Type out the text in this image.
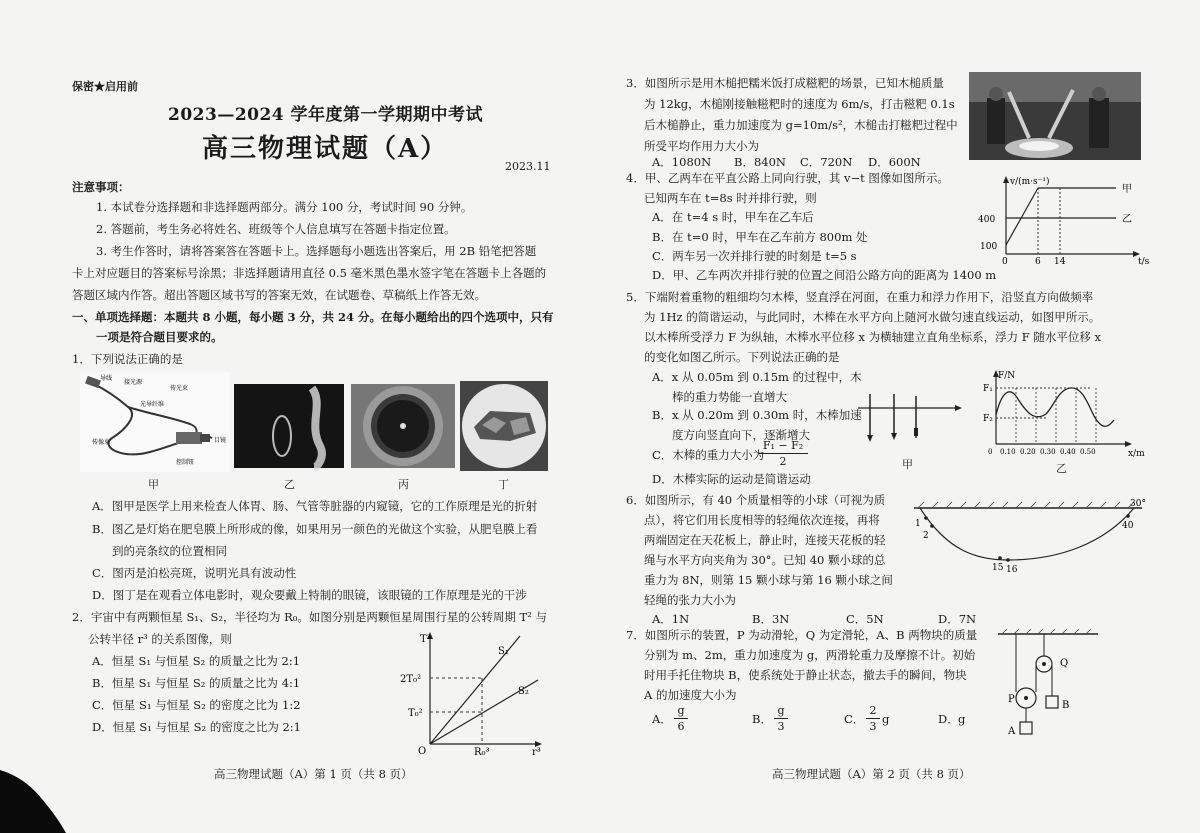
保密★启用前
2023—2024 学年度第一学期期中考试
高三物理试题（A）
2023.11
注意事项：
1. 本试卷分选择题和非选择题两部分。满分 100 分，考试时间 90 分钟。
2. 答题前，考生务必将姓名、班级等个人信息填写在答题卡指定位置。
3. 考生作答时，请将答案答在答题卡上。选择题每小题选出答案后，用 2B 铅笔把答题
卡上对应题目的答案标号涂黑；非选择题请用直径 0.5 毫米黑色墨水签字笔在答题卡上各题的
答题区域内作答。超出答题区域书写的答案无效，在试题卷、草稿纸上作答无效。
一、单项选择题：本题共 8 小题，每小题 3 分，共 24 分。在每小题给出的四个选项中，只有
一项是符合题目要求的。
1．下列说法正确的是
导线
接光源
传光束
光导纤维
传像束	目镜
控制钮
甲	乙	丙	丁
A．图甲是医学上用来检查人体胃、肠、气管等脏器的内窥镜，它的工作原理是光的折射
B．图乙是灯焰在肥皂膜上所形成的像，如果用另一颜色的光做这个实验，从肥皂膜上看
到的亮条纹的位置相同
C．图丙是泊松亮斑，说明光具有波动性
D．图丁是在观看立体电影时，观众要戴上特制的眼镜，该眼镜的工作原理是光的干涉
2．宇宙中有两颗恒星 S₁、S₂，半径均为 R₀。如图分别是两颗恒星周围行星的公转周期 T² 与
公转半径 r³ 的关系图像，则
A．恒星 S₁ 与恒星 S₂ 的质量之比为 2:1
B．恒星 S₁ 与恒星 S₂ 的质量之比为 4:1
C．恒星 S₁ 与恒星 S₂ 的密度之比为 1:2
D．恒星 S₁ 与恒星 S₂ 的密度之比为 2:1
T²
r³
O
2T₀²
T₀²
R₀³
S₁
S₂
高三物理试题（A）第 1 页（共 8 页）
3．如图所示是用木槌把糯米饭打成糍粑的场景，已知木槌质量
为 12kg，木槌刚接触糍粑时的速度为 6m/s，打击糍粑 0.1s
后木槌静止，重力加速度为 g=10m/s²，木槌击打糍粑过程中
所受平均作用力大小为
A．1080N B．840N C．720N D．600N
4．甲、乙两车在平直公路上同向行驶，其 v−t 图像如图所示。
已知两车在 t=8s 时并排行驶，则
A．在 t=4 s 时，甲车在乙车后
B．在 t=0 时，甲车在乙车前方 800m 处
C．两车另一次并排行驶的时刻是 t=5 s
D．甲、乙车两次并排行驶的位置之间沿公路方向的距离为 1400 m
v/(m·s⁻¹)
t/s
400
100
0	6 14
甲
乙
5．下端附着重物的粗细均匀木棒，竖直浮在河面，在重力和浮力作用下，沿竖直方向做频率
为 1Hz 的简谐运动，与此同时，木棒在水平方向上随河水做匀速直线运动，如图甲所示。
以木棒所受浮力 F 为纵轴，木棒水平位移 x 为横轴建立直角坐标系，浮力 F 随水平位移 x
的变化如图乙所示。下列说法正确的是
A．x 从 0.05m 到 0.15m 的过程中，木
棒的重力势能一直增大
B．x 从 0.20m 到 0.30m 时，木棒加速
度方向竖直向下，逐渐增大
C．木棒的重力大小为
F₁ − F₂
2
D．木棒实际的运动是简谐运动
甲
F/N
x/m
F₁
F₂
0 0.10 0.20 0.30 0.40 0.50
乙
6．如图所示，有 40 个质量相等的小球（可视为质
点），将它们用长度相等的轻绳依次连接，再将
两端固定在天花板上，静止时，连接天花板的轻
绳与水平方向夹角为 30°。已知 40 颗小球的总
重力为 8N，则第 15 颗小球与第 16 颗小球之间
轻绳的张力大小为
A．1N	B．3N	C．5N	D．7N
1
2
15 16
40
30°
7．如图所示的装置，P 为动滑轮，Q 为定滑轮，A、B 两物块的质量
分别为 m、2m，重力加速度为 g，两滑轮重力及摩擦不计。初始
时用手托住物块 B，使系统处于静止状态，撤去手的瞬间，物块
A 的加速度大小为
A．
g
6
B．
g
3
C．
2
3
g	D． g
Q
P
A
B
高三物理试题（A）第 2 页（共 8 页）
